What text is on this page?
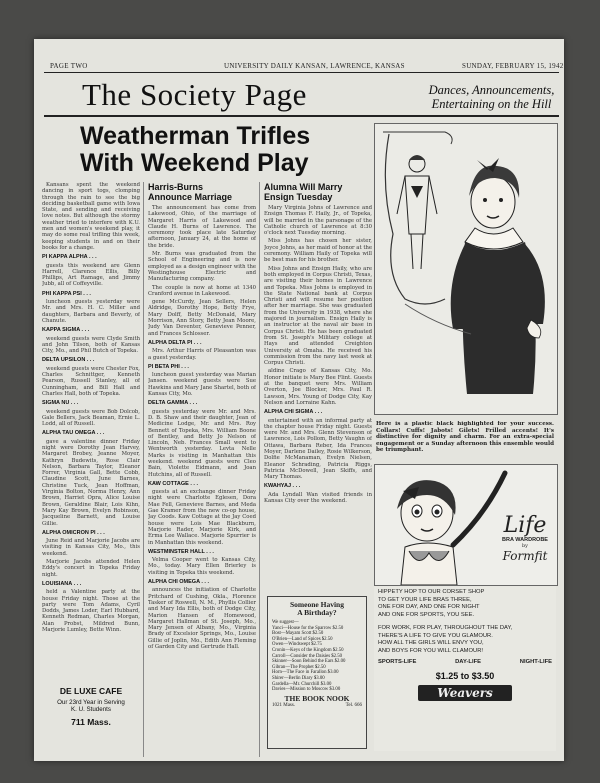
PAGE TWO	UNIVERSITY DAILY KANSAN, LAWRENCE, KANSAS	SUNDAY, FEBRUARY 15, 1942
The Society Page	Dances, Announcements,
Entertaining on the Hill
Weatherman Trifles
With Weekend Play

Kansans spent the weekend dancing in sport togs, clomping through the rain to see the big deciding basketball game with Iowa State, and sending and receiving love notes. But although the stormy weather tried to interfere with K.U. men and women's weekend play, it may do some real trifling this week, keeping students in and on their books for a change.

PI KAPPA ALPHA . . .

guests this weekend are Glenn Harrell, Clarence Ellis, Billy Phillips, Art Ramage, and Jimmy Jubb, all of Coffeyville.

PHI KAPPA PSI . . .

luncheon guests yesterday were Mr. and Mrs. H. C. Miller and daughters, Barbara and Beverly, of Chanute.

KAPPA SIGMA . . .

weekend guests were Clyde Smith and John Tilson, both of Kansas City, Mo., and Phil Butch of Topeka.

DELTA UPSILON . . .

weekend guests were Chester Fox, Charles Schnittger, Kenneth Pearson, Russell Stanley, all of Cunningham, and Bill Hall and Charles Hall, both of Topeka.

SIGMA NU . . .

weekend guests were Bob Dolcob, Gale Bellers, Jack Beaman, Ernie L. Lodd, all of Russell.

ALPHA TAU OMEGA . . .

gave a valentine dinner Friday night were Dorothy Jean Harvey, Margaret Brobey, Jeanne Moyer, Kathryn Budewits, Rose Clair Nelson, Barbara Taylor, Eleanor Forrer, Virginia Gall, Bette Cobb, Claudine Scott, June Barnes, Christine Tuck, Jean Hoffman, Virginia Bolton, Norma Henry, Ann Brown, Harriet Opra, Alice Louise Brown, Geraldine Blair, Lois Kihn, Mary Kay Brown, Evelyn Robinson, Jacqueline Barnett, and Louise Gillie.

ALPHA OMICRON PI . . .

June Reid and Marjorie Jacobs are visiting in Kansas City, Mo., this weekend.

Marjorie Jacobs attended Helen Eddy's concert in Topeka Friday night.

LOUISIANA . . .

held a Valentine party at the house Friday night. Those at the party were Tom Adams, Cyril Dodds, James Loder, Earl Hubbard, Kenneth Redman, Charles Morgan, Alan Probst, Mildred Bunn, Marjorie Lumley, Bette Winn.

DE LUXE CAFE
Our 23rd Year in Serving
K. U. Students
711 Mass.
Harris-Burns
Announce Marriage

The announcement has come from Lakewood, Ohio, of the marriage of Margaret Harris of Lakewood and Claude H. Burns of Lawrence. The ceremony took place late Saturday afternoon, January 24, at the home of the bride.

Mr. Burns was graduated from the School of Engineering and is now employed as a design engineer with the Westinghouse Electric and Manufacturing company.

The couple is now at home at 1340 Cranford avenue in Lakewood.

gene McCurdy, Jean Sellers, Helen Aldridge, Dorothy Hope, Betty Frye, Mary Dolff, Betty McDonald, Mary Morrison, Ann Story, Betty Jean Moore, Judy Van Deventer, Genevieve Penner, and Frances Schlosser.

ALPHA DELTA PI . . .

Mrs. Arthur Harris of Pleasanton was a guest yesterday.

PI BETA PHI . . .

luncheon guest yesterday was Marian Jansen. weekend guests were Sue Hawkins and Mary Jane Shartel, both of Kansas City, Mo.

DELTA GAMMA . . .

guests yesterday were Mr. and Mrs. D. B. Shaw and their daughter, Jean of Medicine Lodge, Mr. and Mrs. Roy Bennett of Topeka, Mrs. William Boone of Bentley, and Betty Jo Nelson of Lincoln, Neb. Frances Small went to Wentworth yesterday. Levta Nelle Marks is visiting in Manhattan this weekend. weekend guests were Cleo Bain, Violette Eidmann, and Joan Hutchins, all of Russell.

KAW COTTAGE . . .

guests at an exchange dinner Friday night were Charlotte Eglesen, Dora Mae Fell, Genevieve Barnes, and Meda Gae Kramer from the new co-op house, Jay Coods. Kaw Cottage at the Jay Coed house were Lois Mae Blackburn, Marjorie Rader, Marjorie Kirk, and Erma Lee Wallace. Marjorie Spurrier is in Manhattan this weekend.

WESTMINSTER HALL . . .

Velma Cooper went to Kansas City, Mo., today. Mary Ellen Brierley is visiting in Topeka this weekend.

ALPHA CHI OMEGA . . .

announces the initiation of Charlotte Pritchard of Cushing, Okla., Florence Tasker of Roswell, N. M., Phyllis Collier and Mary Ida Ellis, both of Dodge City, Marion Hansen of Homewood, Margaret Hallman of St. Joseph, Mo., Mary Jensen of Albany, Mo., Virginia Brady of Excelsior Springs, Mo., Louise Gillie of Joplin, Mo., Edith Ann Fleming of Garden City and Gertrude Hall.

Alumna Will Marry
Ensign Tuesday

Mary Virginia Johns of Lawrence and Ensign Thomas F. Haily, Jr., of Topeka, will be married in the parsonage of the Catholic church of Lawrence at 8:30 o'clock next Tuesday morning.

Miss Johns has chosen her sister, Joyce Johns, as her maid of honor at the ceremony. William Haily of Topeka will be best man for his brother.

Miss Johns and Ensign Haily, who are both employed in Corpus Christi, Texas, are visiting their homes in Lawrence and Topeka. Miss Johns is employed in the State National bank at Corpus Christi and will resume her position after her marriage. She was graduated from the University in 1938, where she majored in journalism. Ensign Haily is an instructor at the naval air base in Corpus Christi. He has been graduated from St. Joseph's Military college at Hays and attended Creighton University at Omaha. He received his commission from the navy last week at Corpus Christi.

aldine Crago of Kansas City, Mo. Honor initiate is Mary Bee Flint. Guests at the banquet were Mrs. William Overton, Joe Blocker, Mrs. Paul R. Lawson, Mrs. Young of Dodge City, Kay Nelson and Lorraine Kahn.

ALPHA CHI SIGMA . . .

entertained with an informal party at the chapter house Friday night. Guests were Mr. and Mrs. Glenn Stevenson of Lawrence, Lois Pollom, Betty Vaughn of Ottawa, Barbara Reber, Ida Frances Moyer, Darlene Dailey, Rosie Wilkerson, Dolfie McManaman, Evelyn Nielsen, Eleanor Schrading, Patricia Riggs, Patricia McDowell, Jean Skiffs, and Mary Thomas.

KWAHYAJ . . .

Ada Lyndall Wan visited friends in Kansas City over the weekend.

Someone Having
A Birthday?
We suggest—
Yanci—House for the Sparrow $2.50
Bost—Mayam Scott $2.50
O'Brien—Land of Spices $2.50
Owen—Windswept $2.75
Cronin—Keys of the Kingdom $2.50
Carroll—Consider the Daisies $2.50
Skinner—Soon Behind the Ears $2.00
Gibran—The Prophet $2.50
Horn—The Face in Farallon $3.00
Shirer—Berlin Diary $3.00
Gardella—Mr. Churchill $3.00
Davies—Mission to Moscow $3.00
THE BOOK NOOK
1021 Mass.	Tel. 666
Here is a plastic black highlighted for your success. Collars! Cuffs! Jabots! Gilets! Frilled accents! It's distinctive for dignity and charm. For an extra-special engagement or a Sunday afternoon this ensemble would be triumphant.
Life
BRA WARDROBE
by
Formfit
HIPPETY HOP TO OUR CORSET SHOP
TO GET YOUR LIFE BRAS THREE,
ONE FOR DAY, AND ONE FOR NIGHT
AND ONE FOR SPORTS, YOU SEE.
FOR WORK, FOR PLAY, THROUGHOUT THE DAY,
THERE'S A LIFE TO GIVE YOU GLAMOUR.
HOW ALL THE GIRLS WILL ENVY YOU,
AND BOYS FOR YOU WILL CLAMOUR!
SPORTS-LIFE	DAY-LIFE	NIGHT-LIFE
$1.25 to $3.50
Weavers
